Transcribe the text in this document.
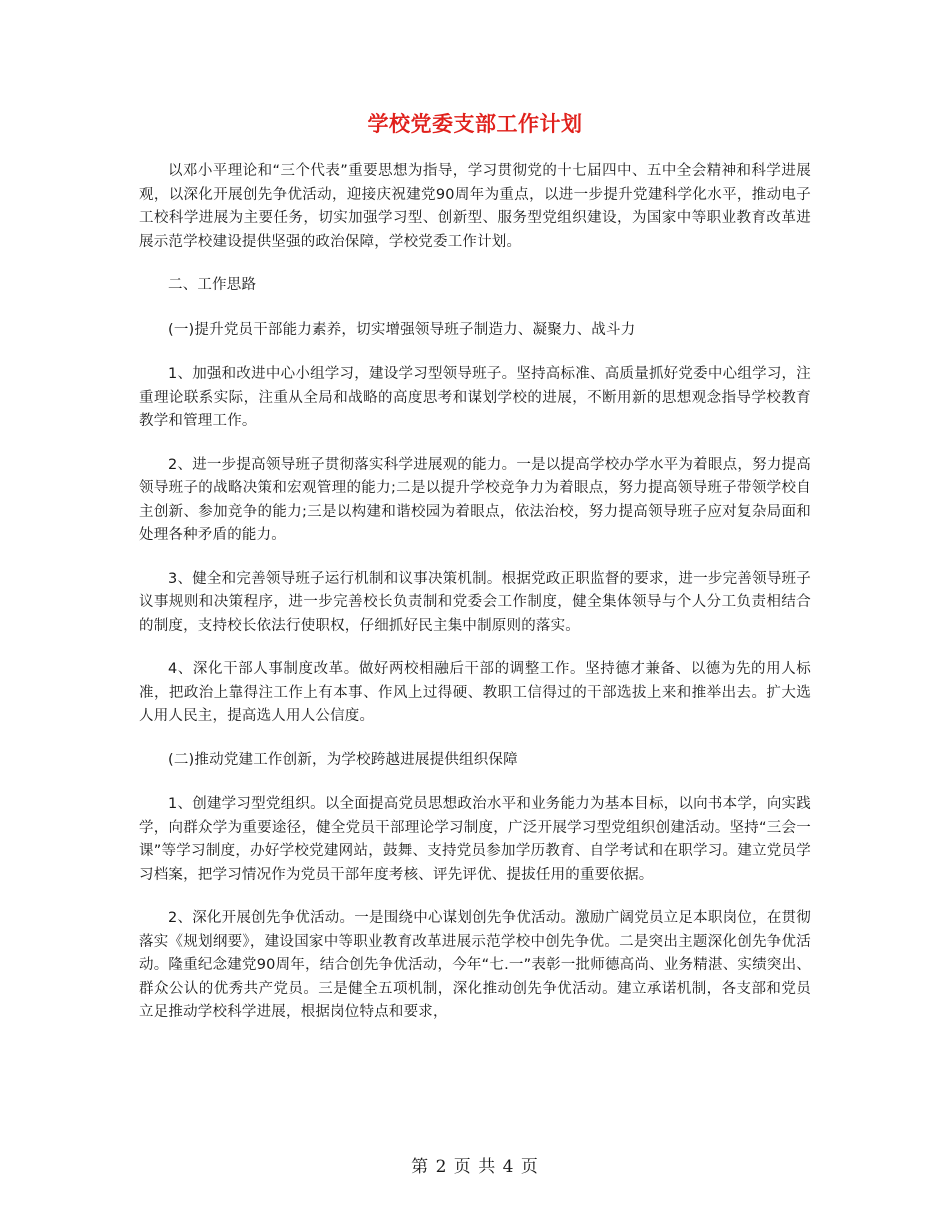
学校党委支部工作计划

以邓小平理论和“三个代表”重要思想为指导，学习贯彻党的十七届四中、五中全会精神和科学进展观，以深化开展创先争优活动，迎接庆祝建党90周年为重点，以进一步提升党建科学化水平，推动电子工校科学进展为主要任务，切实加强学习型、创新型、服务型党组织建设，为国家中等职业教育改革进展示范学校建设提供坚强的政治保障，学校党委工作计划。

二、工作思路

(一)提升党员干部能力素养，切实增强领导班子制造力、凝聚力、战斗力

1、加强和改进中心小组学习，建设学习型领导班子。坚持高标准、高质量抓好党委中心组学习，注重理论联系实际，注重从全局和战略的高度思考和谋划学校的进展，不断用新的思想观念指导学校教育教学和管理工作。

2、进一步提高领导班子贯彻落实科学进展观的能力。一是以提高学校办学水平为着眼点，努力提高领导班子的战略决策和宏观管理的能力;二是以提升学校竞争力为着眼点，努力提高领导班子带领学校自主创新、参加竞争的能力;三是以构建和谐校园为着眼点，依法治校，努力提高领导班子应对复杂局面和处理各种矛盾的能力。

3、健全和完善领导班子运行机制和议事决策机制。根据党政正职监督的要求，进一步完善领导班子议事规则和决策程序，进一步完善校长负责制和党委会工作制度，健全集体领导与个人分工负责相结合的制度，支持校长依法行使职权，仔细抓好民主集中制原则的落实。

4、深化干部人事制度改革。做好两校相融后干部的调整工作。坚持德才兼备、以德为先的用人标准，把政治上靠得注工作上有本事、作风上过得硬、教职工信得过的干部选拔上来和推举出去。扩大选人用人民主，提高选人用人公信度。

(二)推动党建工作创新，为学校跨越进展提供组织保障

1、创建学习型党组织。以全面提高党员思想政治水平和业务能力为基本目标，以向书本学，向实践学，向群众学为重要途径，健全党员干部理论学习制度，广泛开展学习型党组织创建活动。坚持“三会一课”等学习制度，办好学校党建网站，鼓舞、支持党员参加学历教育、自学考试和在职学习。建立党员学习档案，把学习情况作为党员干部年度考核、评先评优、提拔任用的重要依据。

2、深化开展创先争优活动。一是围绕中心谋划创先争优活动。激励广阔党员立足本职岗位，在贯彻落实《规划纲要》，建设国家中等职业教育改革进展示范学校中创先争优。二是突出主题深化创先争优活动。隆重纪念建党90周年，结合创先争优活动，今年“七.一”表彰一批师德高尚、业务精湛、实绩突出、群众公认的优秀共产党员。三是健全五项机制，深化推动创先争优活动。建立承诺机制，各支部和党员立足推动学校科学进展，根据岗位特点和要求，

第 2 页 共 4 页
